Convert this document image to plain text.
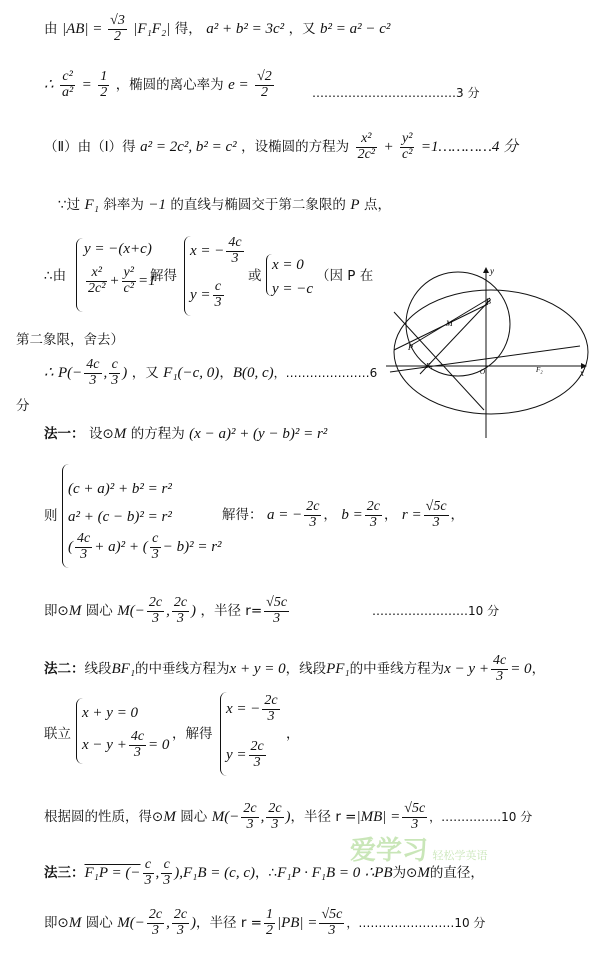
由 $|AB| = \frac{√3}{2} |F_1F_2|$ 得， a² + b² = 3c² ，又 b² = a² − c²
∴ $\frac{\text{c²}}{\text{a²}} = \frac{1}{2}$ ，椭圆的离心率为 $e = \frac{√2}{2}$	………………………………3 分
（Ⅱ）由（Ⅰ）得 a² = 2c², b² = c² ，设椭圆的方程为 $\frac{\text{x²}}{\text{2c²}} + \frac{\text{y²}}{\text{c²}}$ =1…………4 分
∵过 F₁ 斜率为 −1 的直线与椭圆交于第二象限的 P 点，
∴由
y = −(x+c)
$\frac{\text{x²}}{\text{2c²}} + \frac{\text{y²}}{\text{c²}} =1$
解得
x = − $\frac{4c}{3}$
$y = \frac{c}{3}$
或
x = 0
y = −c
（因 P 在
第二象限，舍去）
∴ $P(- \frac{4c}{3}$ , $\frac{c}{3}$ ) ，又 F₁(−c, 0)，B(0, c)，…………………6
分
y
x
B
M
P
F₁
O	F₂
法一： 设⊙M 的方程为 (x − a)² + (y − b)² = r²
则
(c + a)² + b² = r²
a² + (c − b)² = r²
( $\frac{4c}{3} + a)^2$ + ( $\frac{c}{3} - b)^2 = r^2$
解得： a = − $\frac{2c}{3}$ ， $b = \frac{2c}{3}$ ， $r = \frac{√5c}{3}$ ，
即⊙M 圆心 $M(- \frac{2c}{3}$ , $\frac{2c}{3}$ ) ，半径 $r= \frac{√5c}{3}$	……………………10 分
法二：线段BF₁的中垂线方程为x + y = 0，线段PF₁的中垂线方程为$x - y + \frac{4c}{3} = 0$，
联立
x + y = 0
$x - y + \frac{4c}{3} = 0$
，解得
x = − $\frac{2c}{3}$
$y = \frac{2c}{3}$
，
根据圆的性质，得⊙M 圆心 $M(- \frac{2c}{3}$ , $\frac{2c}{3}$ )，半径 $r =|MB| = \frac{√5c}{3}$ ，……………10 分
爱学习 轻松学英语
法三：F₁P = (− $\frac{c}{3}$ , $\frac{c}{3} ),F_1B = (c$, c)，∴F₁P · F₁B = 0 ∴PB为⊙M的直径，
即⊙M 圆心 $M(- \frac{2c}{3}$ , $\frac{2c}{3}$ )，半径 $r = \frac{1}{2} |PB| = \frac{√5c}{3}$ ，……………………10 分
